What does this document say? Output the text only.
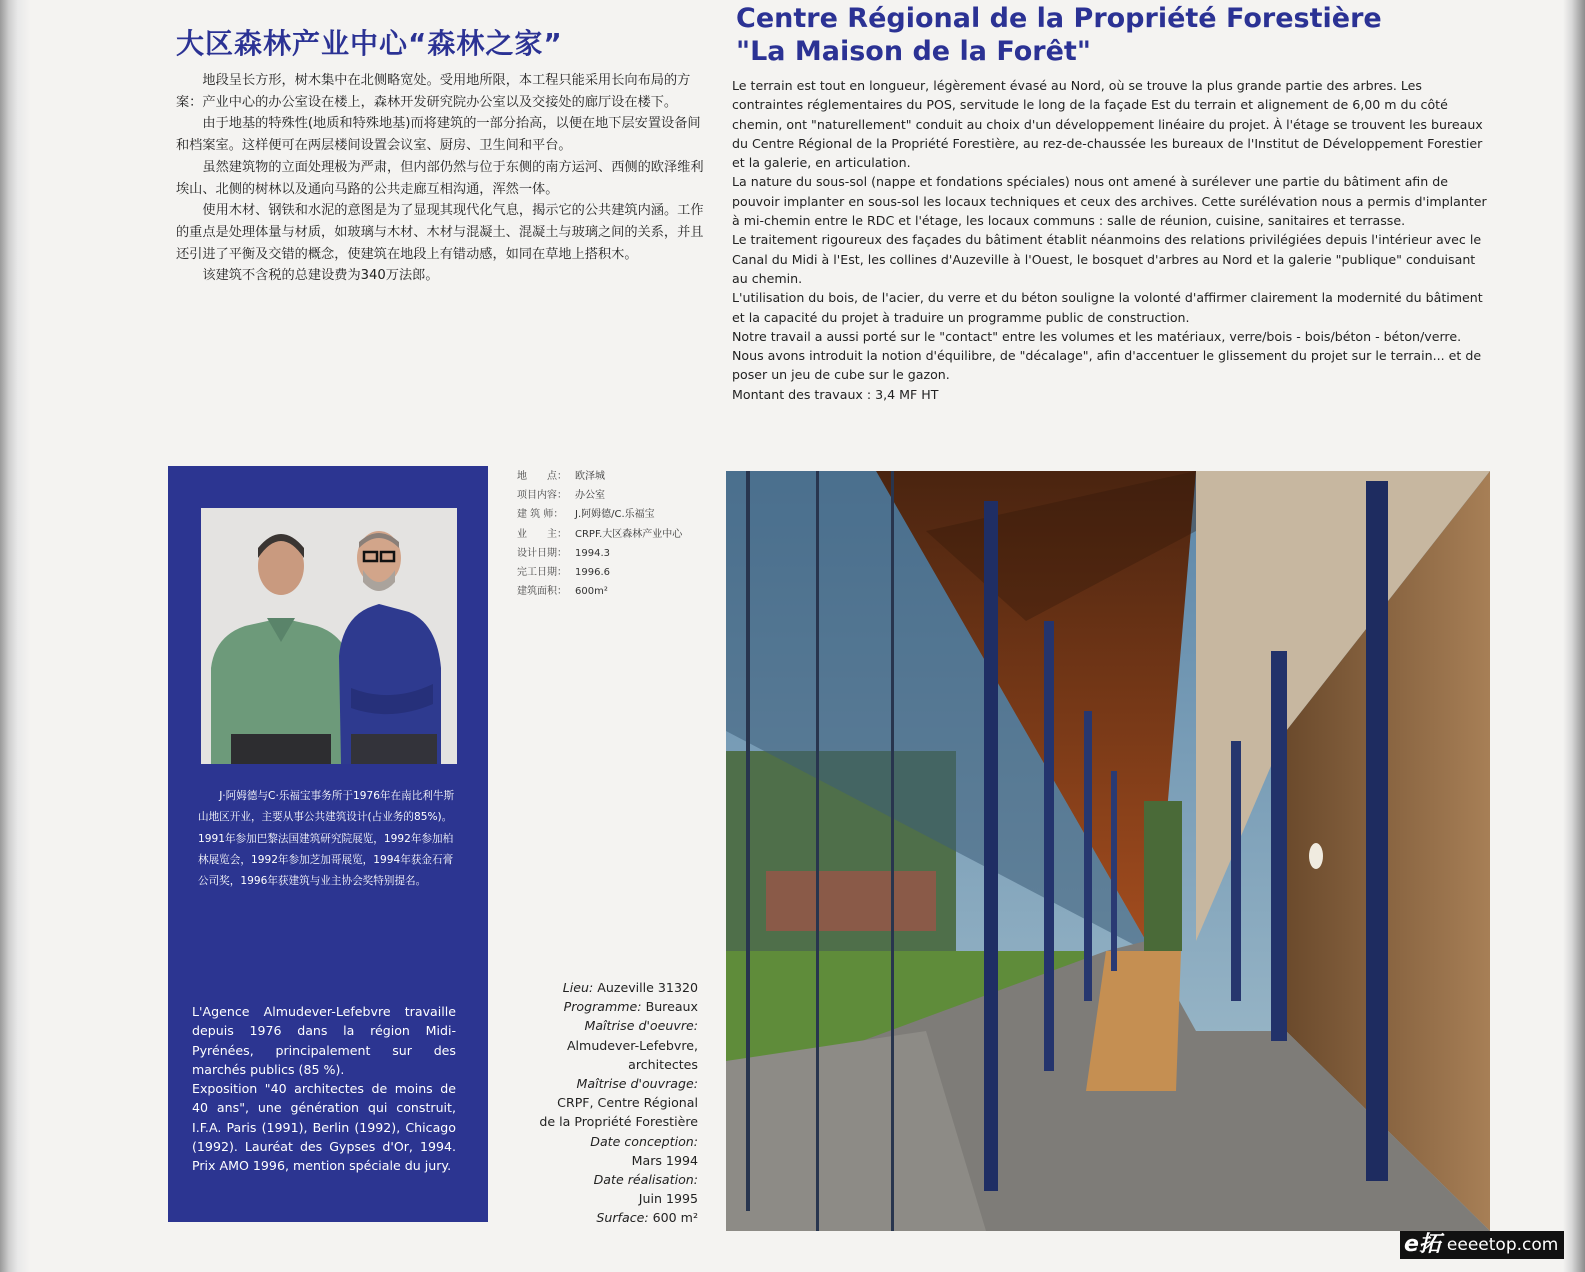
大区森林产业中心“森林之家”

地段呈长方形，树木集中在北侧略宽处。受用地所限，本工程只能采用长向布局的方案：产业中心的办公室设在楼上，森林开发研究院办公室以及交接处的廊厅设在楼下。

由于地基的特殊性(地质和特殊地基)而将建筑的一部分抬高，以便在地下层安置设备间和档案室。这样便可在两层楼间设置会议室、厨房、卫生间和平台。

虽然建筑物的立面处理极为严肃，但内部仍然与位于东侧的南方运河、西侧的欧泽维利埃山、北侧的树林以及通向马路的公共走廊互相沟通，浑然一体。

使用木材、钢铁和水泥的意图是为了显现其现代化气息，揭示它的公共建筑内涵。工作的重点是处理体量与材质，如玻璃与木材、木材与混凝土、混凝土与玻璃之间的关系，并且还引进了平衡及交错的概念，使建筑在地段上有错动感，如同在草地上搭积木。

该建筑不含税的总建设费为340万法郎。

Centre Régional de la Propriété Forestière
"La Maison de la Forêt"

Le terrain est tout en longueur, légèrement évasé au Nord, où se trouve la plus grande partie des arbres. Les contraintes réglementaires du POS, servitude le long de la façade Est du terrain et alignement de 6,00 m du côté chemin, ont "naturellement" conduit au choix d'un développement linéaire du projet. À l'étage se trouvent les bureaux du Centre Régional de la Propriété Forestière, au rez-de-chaussée les bureaux de l'Institut de Développement Forestier et la galerie, en articulation.

La nature du sous-sol (nappe et fondations spéciales) nous ont amené à surélever une partie du bâtiment afin de pouvoir implanter en sous-sol les locaux techniques et ceux des archives. Cette surélévation nous a permis d'implanter à mi-chemin entre le RDC et l'étage, les locaux communs : salle de réunion, cuisine, sanitaires et terrasse.

Le traitement rigoureux des façades du bâtiment établit néanmoins des relations privilégiées depuis l'intérieur avec le Canal du Midi à l'Est, les collines d'Auzeville à l'Ouest, le bosquet d'arbres au Nord et la galerie "publique" conduisant au chemin.

L'utilisation du bois, de l'acier, du verre et du béton souligne la volonté d'affirmer clairement la modernité du bâtiment et la capacité du projet à traduire un programme public de construction.

Notre travail a aussi porté sur le "contact" entre les volumes et les matériaux, verre/bois - bois/béton - béton/verre. Nous avons introduit la notion d'équilibre, de "décalage", afin d'accentuer le glissement du projet sur le terrain... et de poser un jeu de cube sur le gazon.

Montant des travaux : 3,4 MF HT

J·阿姆德与C·乐福宝事务所于1976年在南比利牛斯山地区开业，主要从事公共建筑设计(占业务的85%)。1991年参加巴黎法国建筑研究院展览，1992年参加柏林展览会，1992年参加芝加哥展览，1994年获金石膏公司奖，1996年获建筑与业主协会奖特别提名。

L'Agence Almudever-Lefebvre travaille depuis 1976 dans la région Midi-Pyrénées, principalement sur des marchés publics (85 %).

Exposition "40 architectes de moins de 40 ans", une génération qui construit, I.F.A. Paris (1991), Berlin (1992), Chicago (1992). Lauréat des Gypses d'Or, 1994. Prix AMO 1996, mention spéciale du jury.

地　　点： 欧泽城
项目内容： 办公室
建 筑 师：	J.阿姆德/C.乐福宝
业　　主： CRPF.大区森林产业中心
设计日期： 1994.3
完工日期： 1996.6
建筑面积： 600m²
Lieu: Auzeville 31320
Programme: Bureaux
Maîtrise d'oeuvre:
Almudever-Lefebvre,
architectes
Maîtrise d'ouvrage:
CRPF, Centre Régional
de la Propriété Forestière
Date conception:
Mars 1994
Date réalisation:
Juin 1995
Surface: 600 m²
e拓 eeeetop.com
